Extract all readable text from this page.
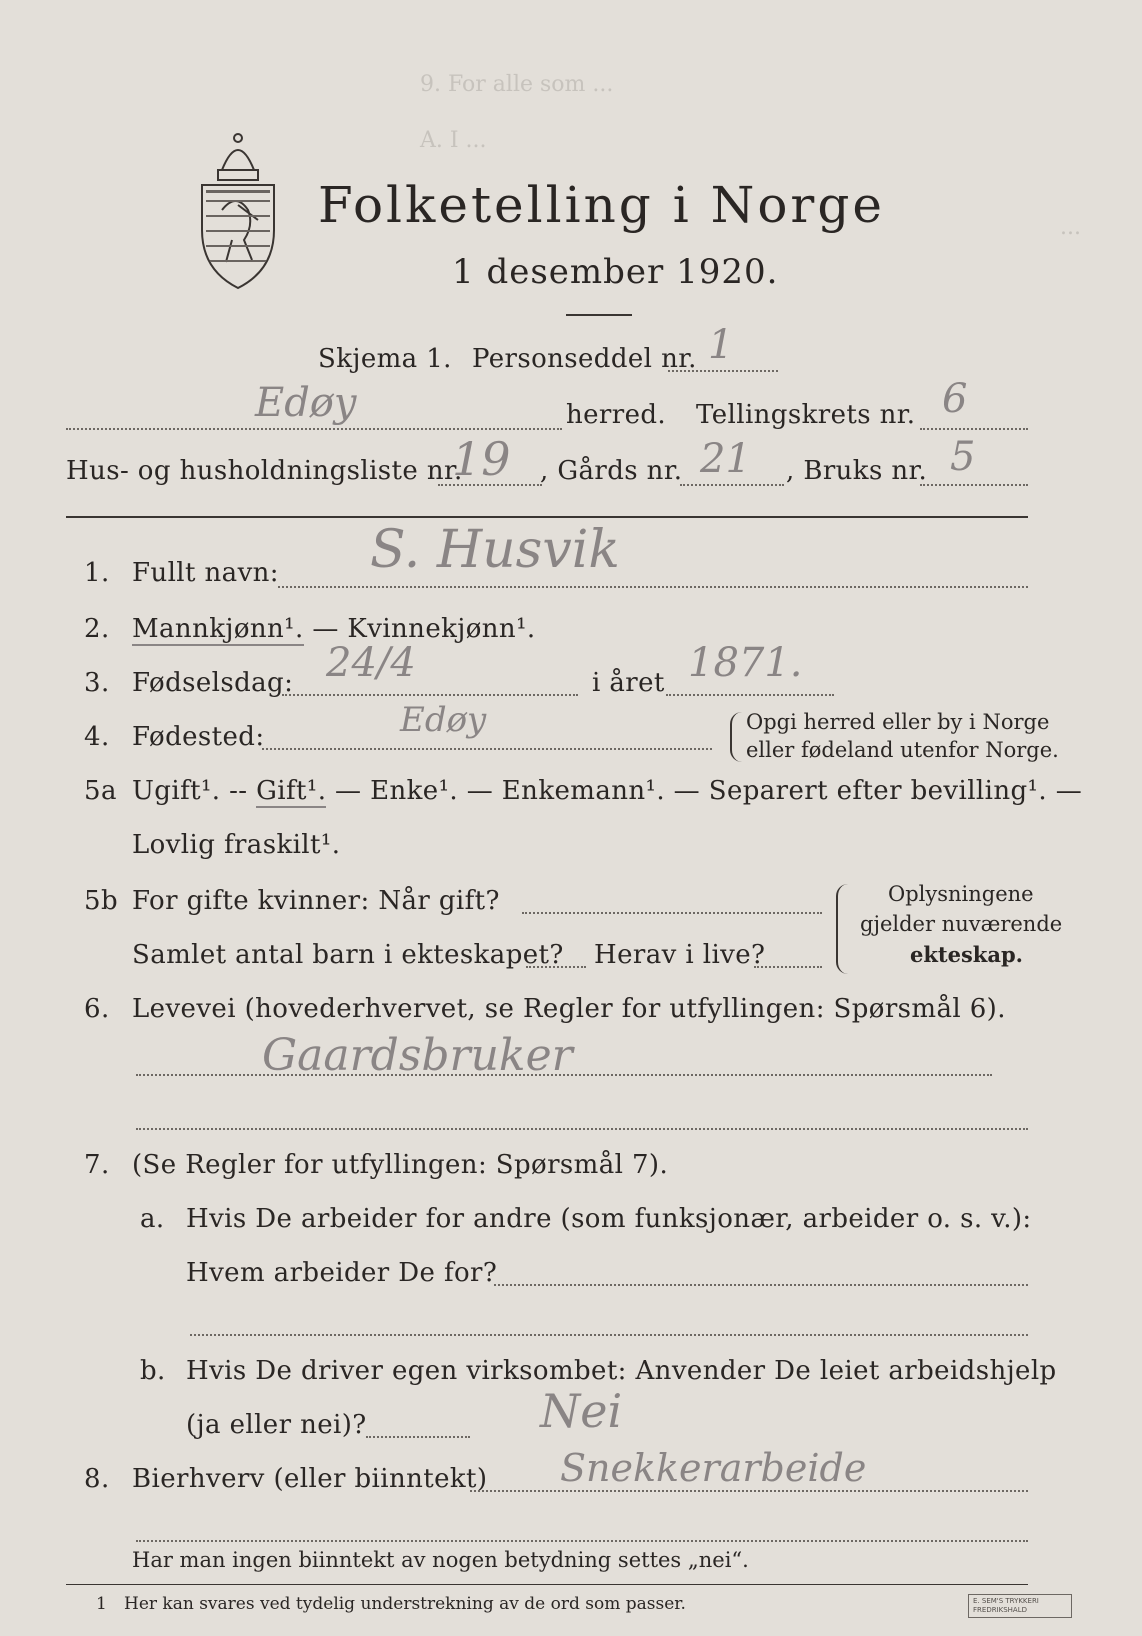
9. For alle som ...
A. I ...
...
Folketelling i Norge
1 desember 1920.
Skjema 1. Personseddel nr. 1
Edøy	herred. Tellingskrets nr. 6
Hus- og husholdningsliste nr.
19 , Gårds nr. 21 , Bruks nr. 5
1. Fullt navn: S. Husvik
2. Mannkjønn¹. — Kvinnekjønn¹.
3. Fødselsdag: 24/4	i året 1871.
4. Fødested:	Edøy	Opgi herred eller by i Norge
eller fødeland utenfor Norge.
5a Ugift¹. -- Gift¹. — Enke¹. — Enkemann¹. — Separert efter bevilling¹. —
Lovlig fraskilt¹.
5b For gifte kvinner: Når gift?
Samlet antal barn i ekteskapet? Herav i live?
Oplysningene
gjelder nuværende
ekteskap.
6. Levevei (hovederhvervet, se Regler for utfyllingen: Spørsmål 6).
Gaardsbruker
7. (Se Regler for utfyllingen: Spørsmål 7).
a. Hvis De arbeider for andre (som funksjonær, arbeider o. s. v.):
Hvem arbeider De for?
b. Hvis De driver egen virksombet: Anvender De leiet arbeidshjelp
(ja eller nei)?	Nei
8. Bierhverv (eller biinntekt) Snekkerarbeide
Har man ingen biinntekt av nogen betydning settes „nei“.
1 Her kan svares ved tydelig understrekning av de ord som passer.	E. SEM'S TRYKKERI FREDRIKSHALD
